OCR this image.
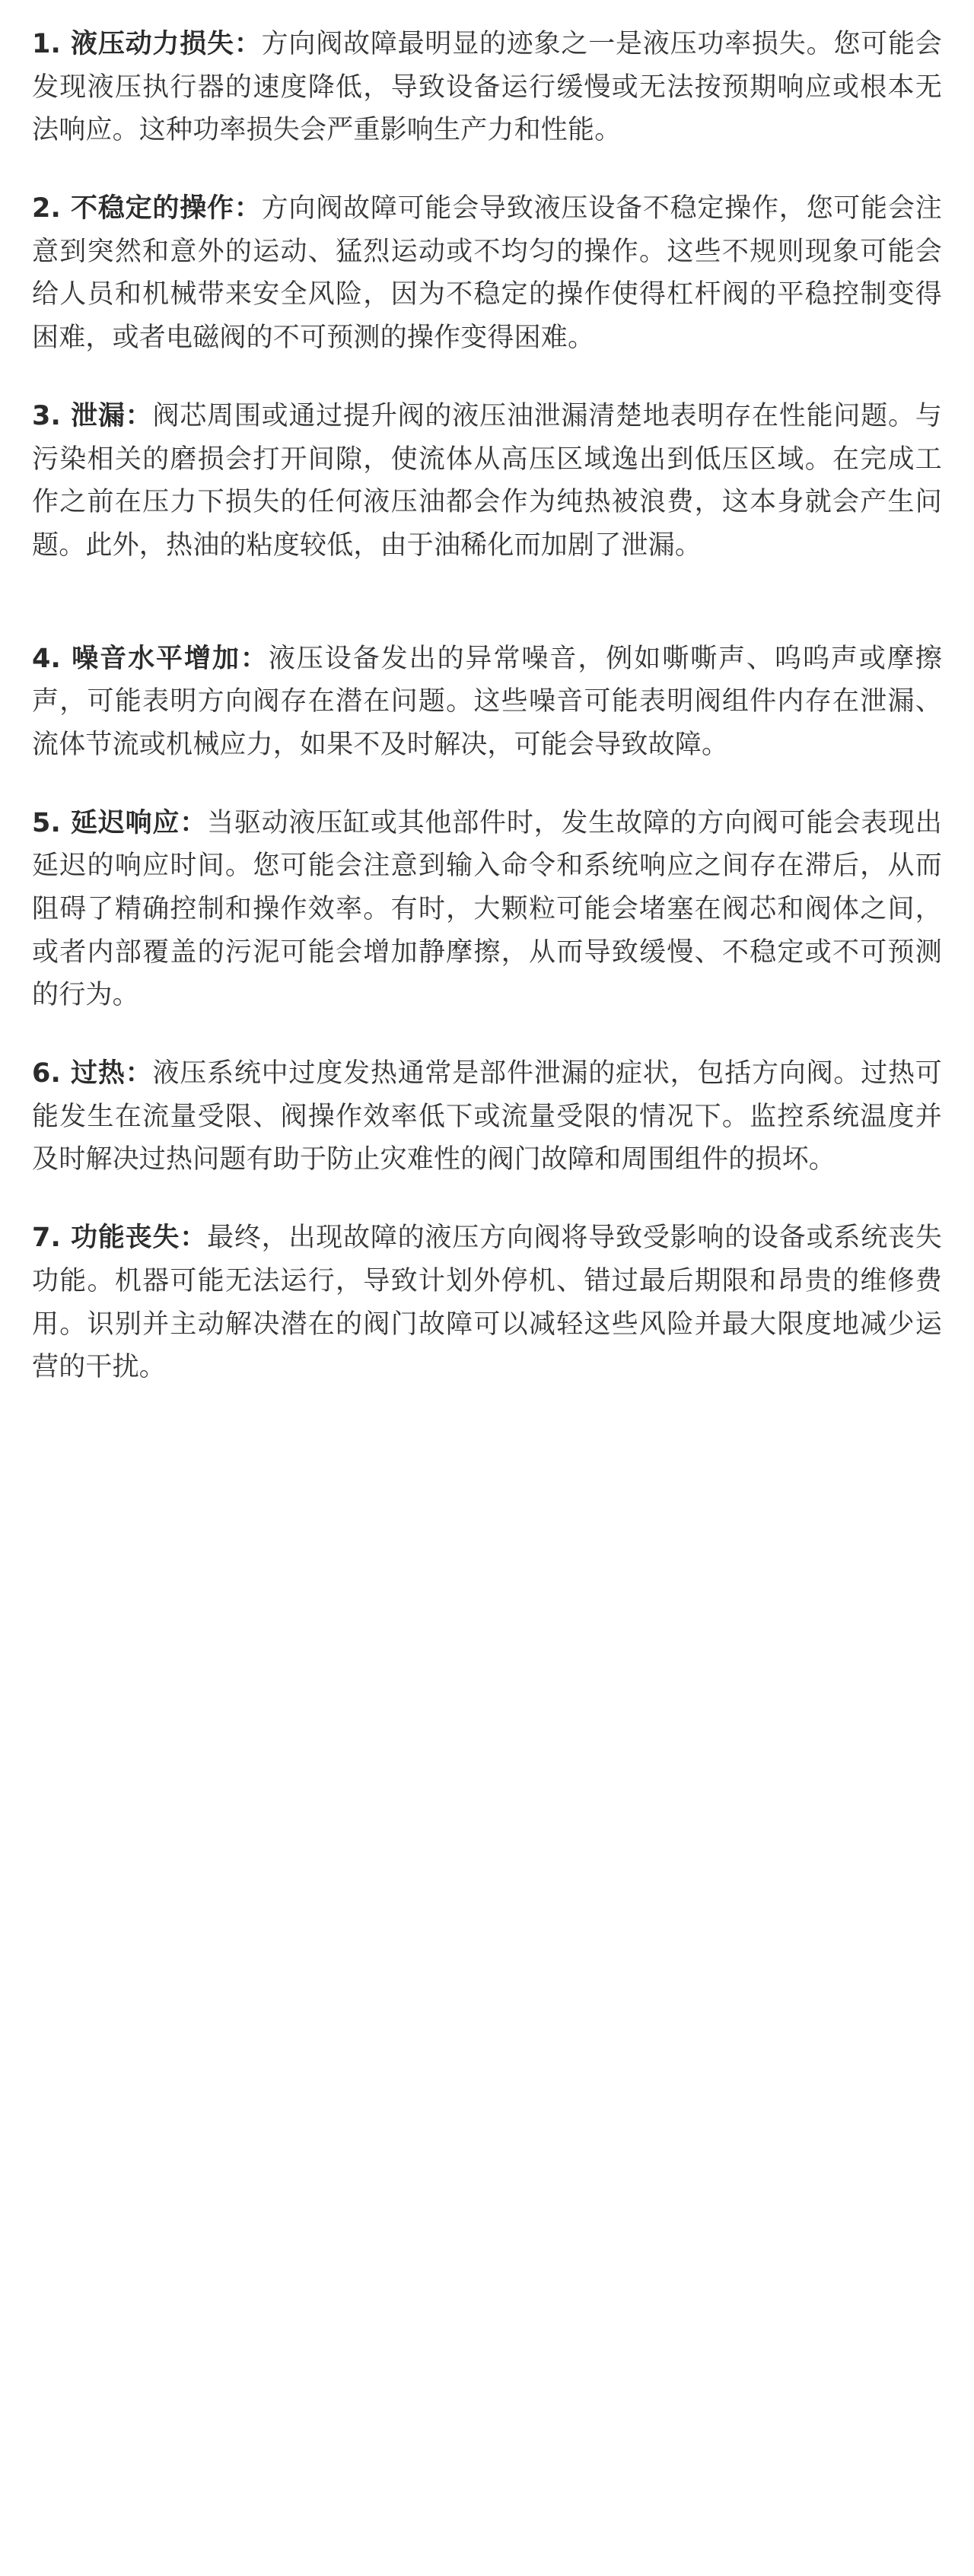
1. 液压动力损失：方向阀故障最明显的迹象之一是液压功率损失。您可能会发现液压执行器的速度降低，导致设备运行缓慢或无法按预期响应或根本无法响应。这种功率损失会严重影响生产力和性能。

2. 不稳定的操作：方向阀故障可能会导致液压设备不稳定操作，您可能会注意到突然和意外的运动、猛烈运动或不均匀的操作。这些不规则现象可能会给人员和机械带来安全风险，因为不稳定的操作使得杠杆阀的平稳控制变得困难，或者电磁阀的不可预测的操作变得困难。

3. 泄漏：阀芯周围或通过提升阀的液压油泄漏清楚地表明存在性能问题。与污染相关的磨损会打开间隙，使流体从高压区域逸出到低压区域。在完成工作之前在压力下损失的任何液压油都会作为纯热被浪费，这本身就会产生问题。此外，热油的粘度较低，由于油稀化而加剧了泄漏。

4. 噪音水平增加：液压设备发出的异常噪音，例如嘶嘶声、呜呜声或摩擦声，可能表明方向阀存在潜在问题。这些噪音可能表明阀组件内存在泄漏、流体节流或机械应力，如果不及时解决，可能会导致故障。

5. 延迟响应：当驱动液压缸或其他部件时，发生故障的方向阀可能会表现出延迟的响应时间。您可能会注意到输入命令和系统响应之间存在滞后，从而阻碍了精确控制和操作效率。有时，大颗粒可能会堵塞在阀芯和阀体之间，或者内部覆盖的污泥可能会增加静摩擦，从而导致缓慢、不稳定或不可预测的行为。

6. 过热：液压系统中过度发热通常是部件泄漏的症状，包括方向阀。过热可能发生在流量受限、阀操作效率低下或流量受限的情况下。监控系统温度并及时解决过热问题有助于防止灾难性的阀门故障和周围组件的损坏。

7. 功能丧失：最终，出现故障的液压方向阀将导致受影响的设备或系统丧失功能。机器可能无法运行，导致计划外停机、错过最后期限和昂贵的维修费用。识别并主动解决潜在的阀门故障可以减轻这些风险并最大限度地减少运营的干扰。
